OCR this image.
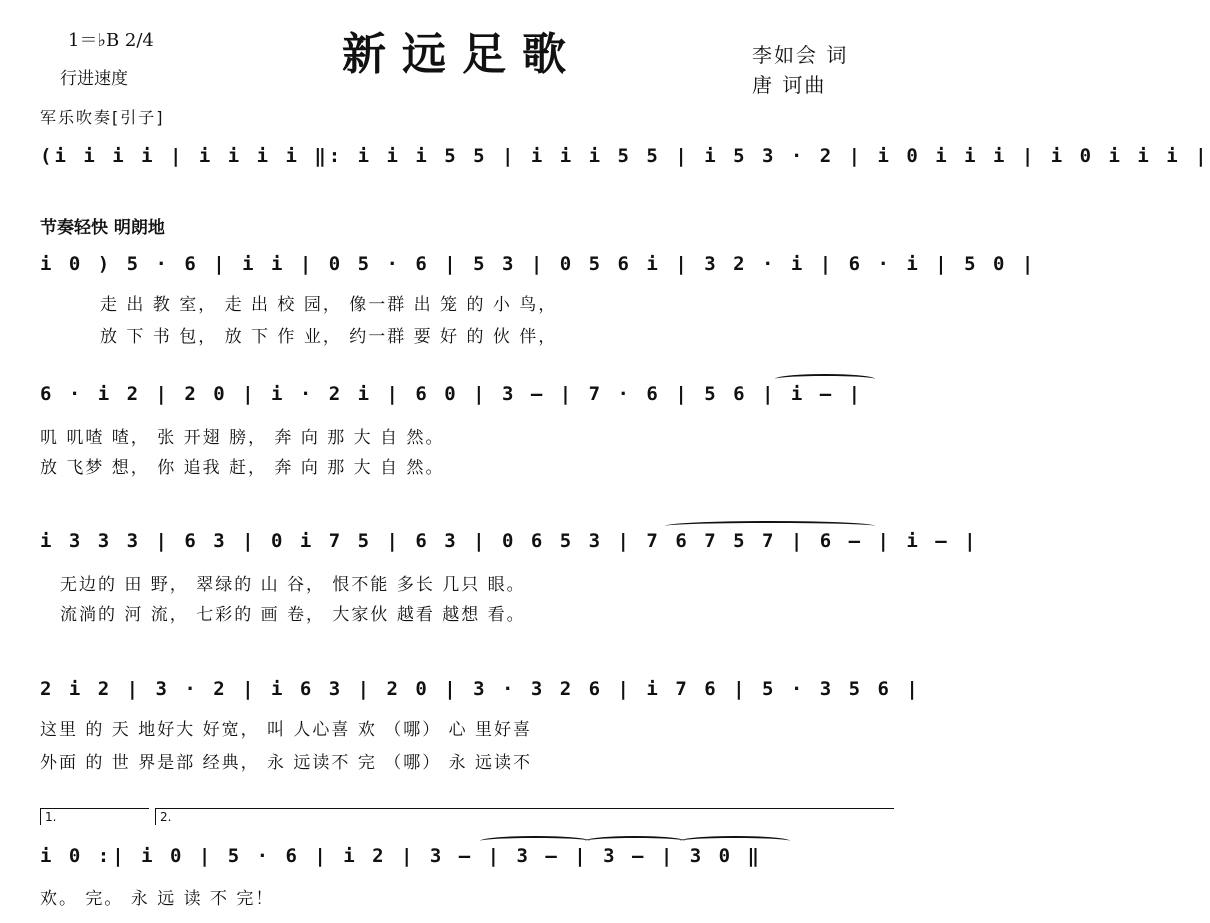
新远足歌
1＝♭B 2/4
行进速度
李如会 词
唐 诃曲
军乐吹奏[引子]
(i i i i | i i i i ‖: i i i 5 5 | i i i 5 5 | i 5 3 · 2 | i 0 i i i | i 0 i i i |
节奏轻快 明朗地
i 0 ) 5 · 6 | i i | 0 5 · 6 | 5 3 | 0 5 6 i | 3 2 · i | 6 · i | 5 0 |
走 出 教 室， 走 出 校 园， 像一群 出 笼 的 小 鸟，
放 下 书 包， 放 下 作 业， 约一群 要 好 的 伙 伴，
6 · i 2 | 2 0 | i · 2 i | 6 0 | 3 — | 7 · 6 | 5 6 | i — |
叽 叽喳 喳， 张 开翅 膀， 奔 向 那 大 自 然。
放 飞梦 想， 你 追我 赶， 奔 向 那 大 自 然。
i 3 3 3 | 6 3 | 0 i 7 5 | 6 3 | 0 6 5 3 | 7 6 7 5 7 | 6 — | i — |
无边的 田 野， 翠绿的 山 谷， 恨不能 多长 几只 眼。
流淌的 河 流， 七彩的 画 卷， 大家伙 越看 越想 看。
2 i 2 | 3 · 2 | i 6 3 | 2 0 | 3 · 3 2 6 | i 7 6 | 5 · 3 5 6 |
这里 的 天 地好大 好宽， 叫 人心喜 欢 （哪） 心 里好喜
外面 的 世 界是部 经典， 永 远读不 完 （哪） 永 远读不
1.	2.
i 0 :| i 0 | 5 · 6 | i 2 | 3 — | 3 — | 3 — | 3 0 ‖
欢。 完。 永 远 读 不 完！
